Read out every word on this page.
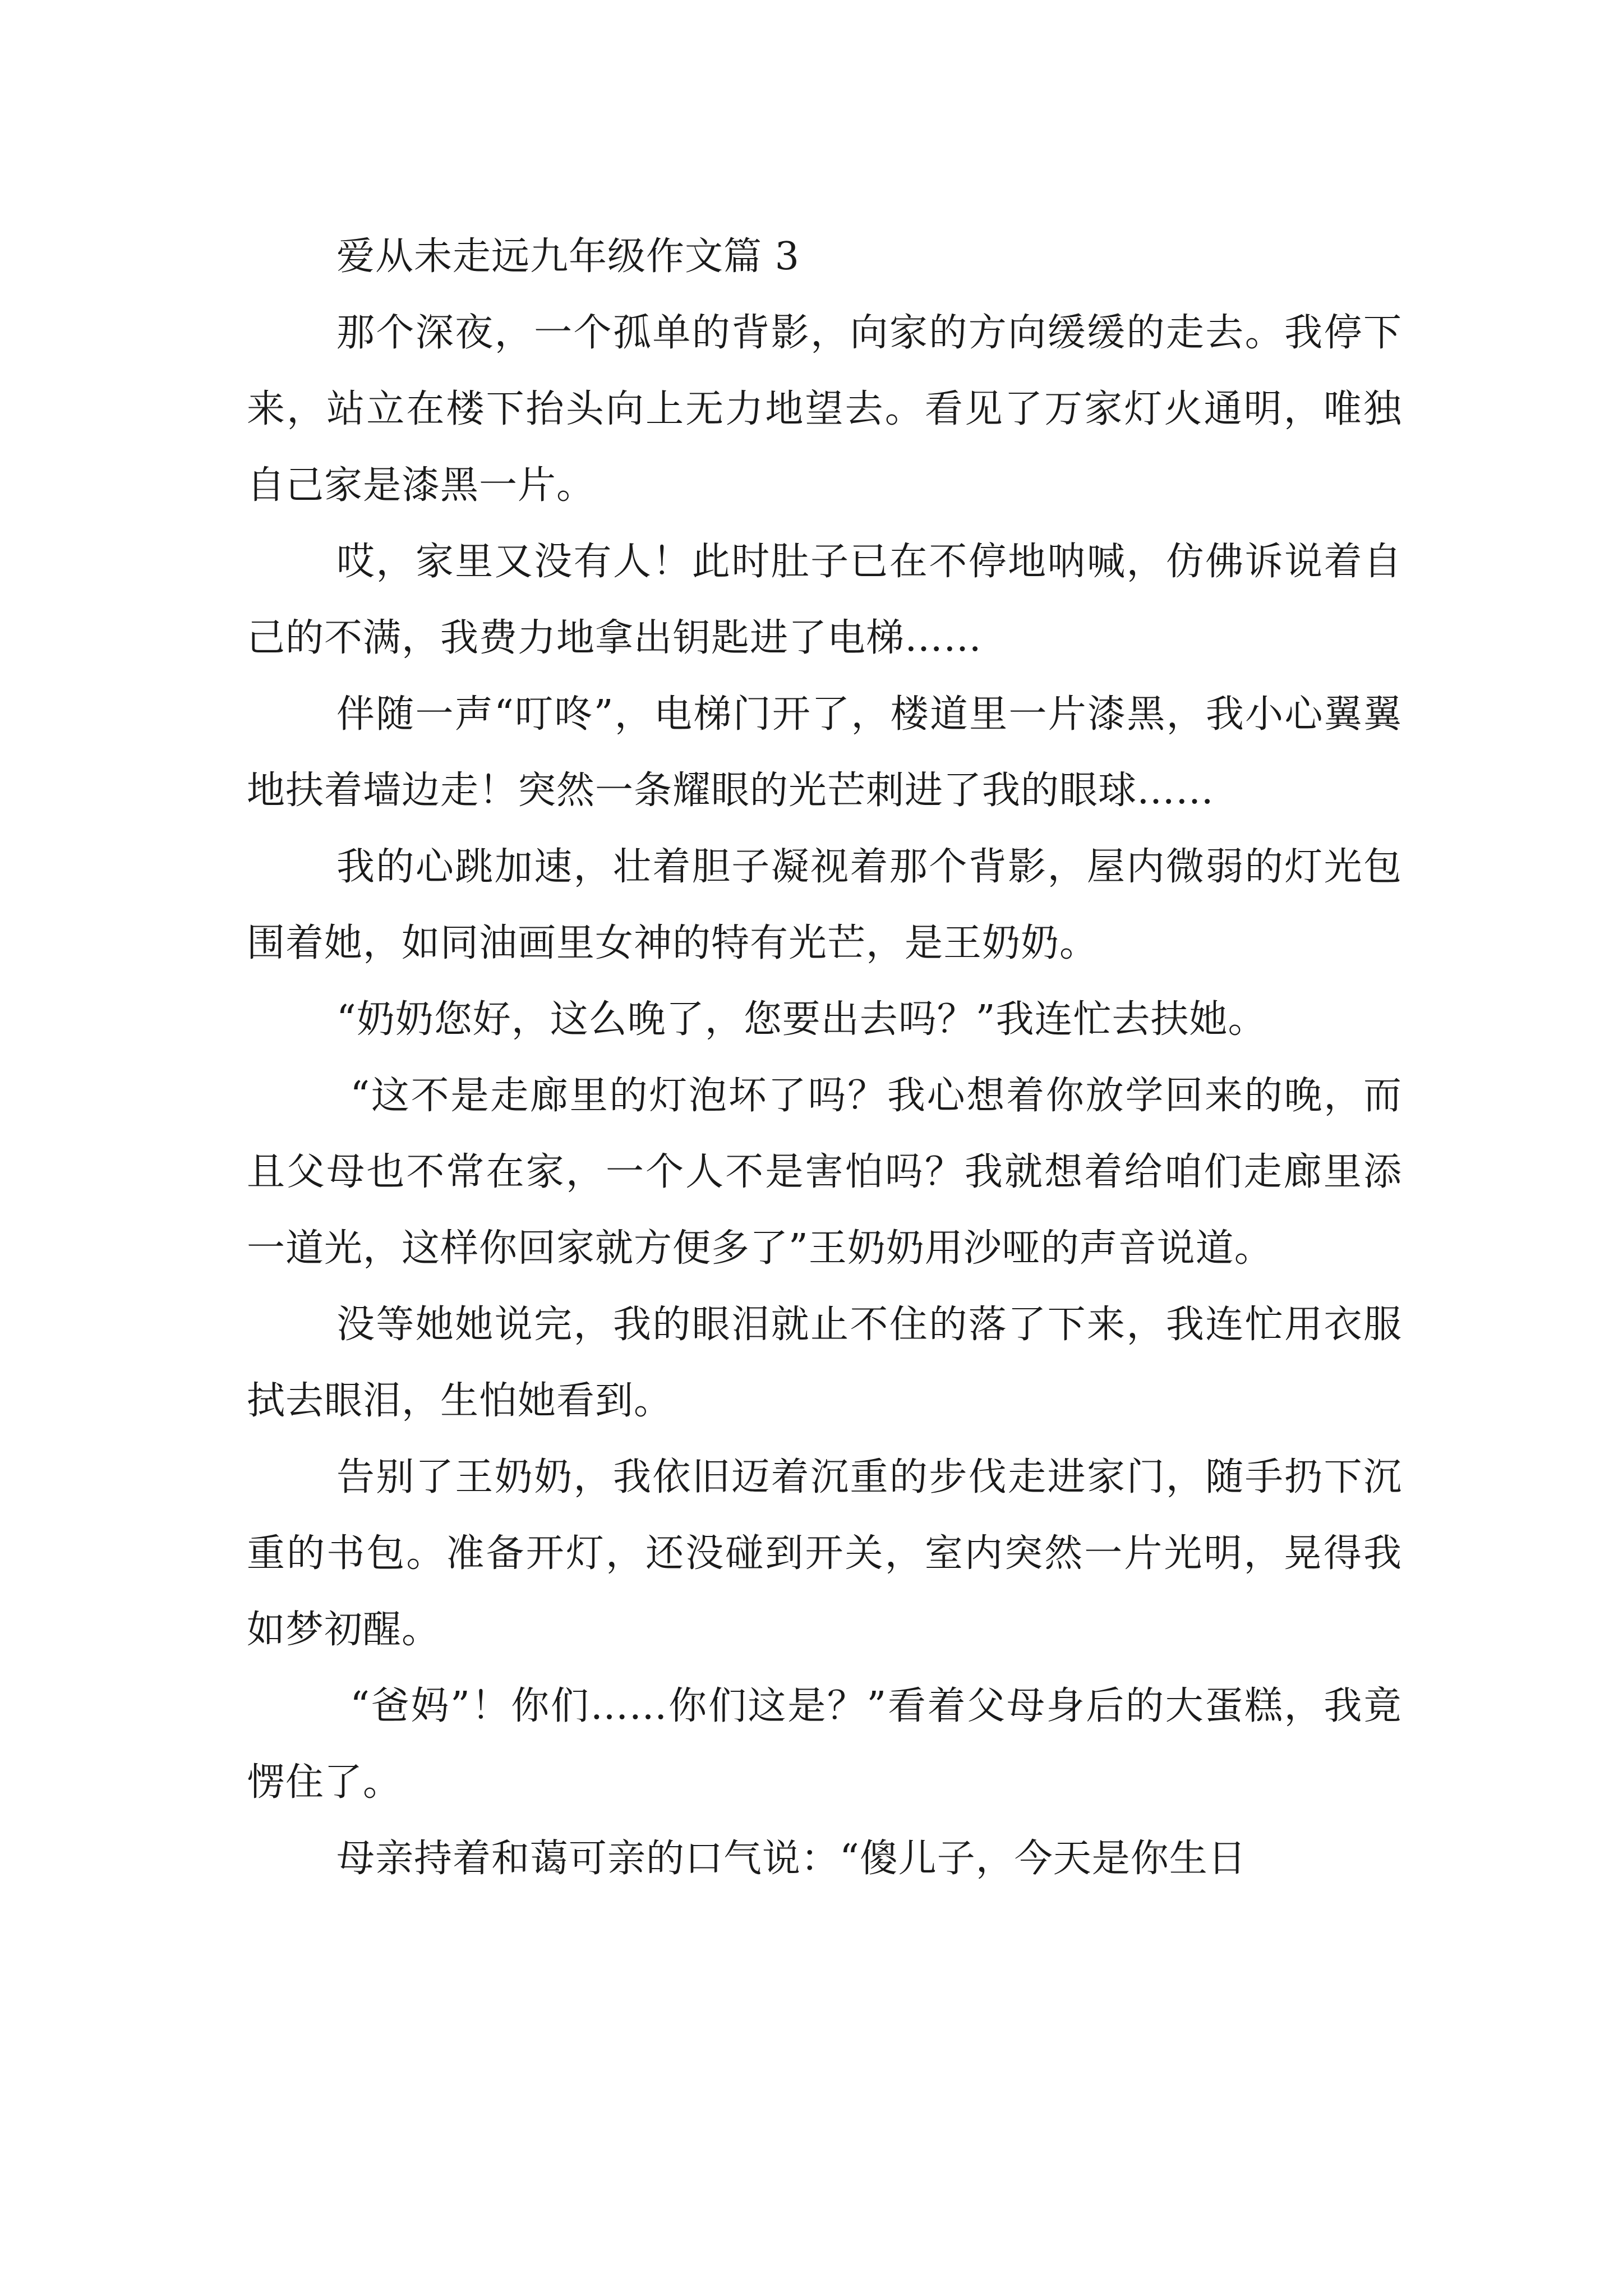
爱从未走远九年级作文篇 3

那个深夜，一个孤单的背影，向家的方向缓缓的走去。我停下来，站立在楼下抬头向上无力地望去。看见了万家灯火通明，唯独自己家是漆黑一片。

哎，家里又没有人！此时肚子已在不停地呐喊，仿佛诉说着自己的不满，我费力地拿出钥匙进了电梯……

伴随一声“叮咚”，电梯门开了，楼道里一片漆黑，我小心翼翼地扶着墙边走！突然一条耀眼的光芒刺进了我的眼球……

我的心跳加速，壮着胆子凝视着那个背影，屋内微弱的灯光包围着她，如同油画里女神的特有光芒，是王奶奶。

“奶奶您好，这么晚了，您要出去吗？”我连忙去扶她。

“这不是走廊里的灯泡坏了吗？我心想着你放学回来的晚，而且父母也不常在家，一个人不是害怕吗？我就想着给咱们走廊里添一道光，这样你回家就方便多了”王奶奶用沙哑的声音说道。

没等她她说完，我的眼泪就止不住的落了下来，我连忙用衣服拭去眼泪，生怕她看到。

告别了王奶奶，我依旧迈着沉重的步伐走进家门，随手扔下沉重的书包。准备开灯，还没碰到开关，室内突然一片光明，晃得我如梦初醒。

“爸妈”！你们……你们这是？”看着父母身后的大蛋糕，我竟愣住了。

母亲持着和蔼可亲的口气说：“傻儿子，今天是你生日
